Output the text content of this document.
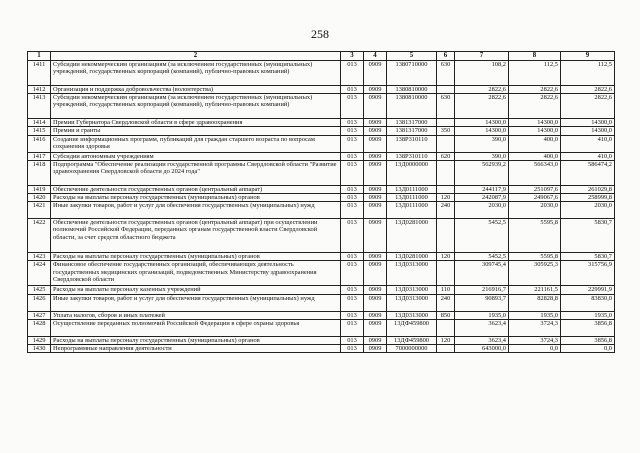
258
1	2	3	4	5	6	7	8	9
1411	Субсидии некоммерческим организациям (за исключением государственных (муниципальных) учреждений, государственных корпораций (компаний), публично-правовых компаний)	013	0909	1380710000	630	108,2	112,5	112,5
1412	Организация и поддержка добровольчества (волонтерства)	013	0909	1380810000		2822,6	2822,6	2822,6
1413	Субсидии некоммерческим организациям (за исключением государственных (муниципальных) учреждений, государственных корпораций (компаний), публично-правовых компаний)	013	0909	1380810000	630	2822,6	2822,6	2822,6
1414	Премии Губернатора Свердловской области в сфере здравоохранения	013	0909	1381317000		14300,0	14300,0	14300,0
1415	Премии и гранты	013	0909	1381317000	350	14300,0	14300,0	14300,0
1416	Создание информационных программ, публикаций для граждан старшего возраста по вопросам сохранения здоровья	013	0909	138P310110		390,0	400,0	410,0
1417	Субсидии автономным учреждениям	013	0909	138P310110	620	390,0	400,0	410,0
1418	Подпрограмма "Обеспечение реализации государственной программы Свердловской области "Развитие здравоохранения Свердловской области до 2024 года"	013	0909	13Д0000000		562939,2	566343,0	586474,2
1419	Обеспечение деятельности государственных органов (центральный аппарат)	013	0909	13Д0111000		244117,9	251097,6	261029,8
1420	Расходы на выплаты персоналу государственных (муниципальных) органов	013	0909	13Д0111000	120	242087,9	249067,6	258999,8
1421	Иные закупки товаров, работ и услуг для обеспечения государственных (муниципальных) нужд	013	0909	13Д0111000	240	2030,0	2030,0	2030,0
1422	Обеспечение деятельности государственных органов (центральный аппарат) при осуществлении полномочий Российской Федерации, переданных органам государственной власти Свердловской области, за счет средств областного бюджета	013	0909	13Д0281000		5452,5	5595,8	5830,7
1423	Расходы на выплаты персоналу государственных (муниципальных) органов	013	0909	13Д0281000	120	5452,5	5595,8	5830,7
1424	Финансовое обеспечение государственных организаций, обеспечивающих деятельность государственных медицинских организаций, подведомственных Министерству здравоохранения Свердловской области	013	0909	13Д0313000		309745,4	305925,3	315756,9
1425	Расходы на выплаты персоналу казенных учреждений	013	0909	13Д0313000	110	216916,7	221161,5	229991,9
1426	Иные закупки товаров, работ и услуг для обеспечения государственных (муниципальных) нужд	013	0909	13Д0313000	240	90893,7	82828,8	83830,0
1427	Уплата налогов, сборов и иных платежей	013	0909	13Д0313000	850	1935,0	1935,0	1935,0
1428	Осуществление переданных полномочий Российской Федерации в сфере охраны здоровья	013	0909	13ДФ459800		3623,4	3724,3	3856,8
1429	Расходы на выплаты персоналу государственных (муниципальных) органов	013	0909	13ДФ459800	120	3623,4	3724,3	3856,8
1430	Непрограммные направления деятельности	013	0909	7000000000		643000,0	0,0	0,0
